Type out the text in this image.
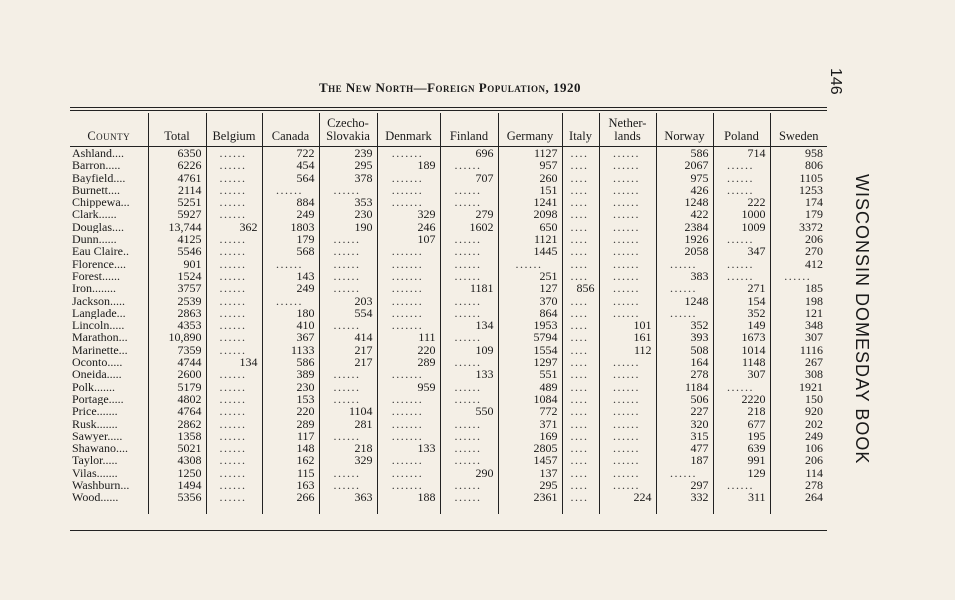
The New North—Foreign Population, 1920
County	Total	Belgium	Canada	Czecho-Slovakia	Denmark	Finland	Germany	Italy	Nether-lands	Norway	Poland	Sweden
Ashland....	6350	......	722	239	.......	696	1127	....	......	586	714	958
Barron.....	6226	......	454	295	189	......	957	....	......	2067	......	806
Bayfield....	4761	......	564	378	.......	707	260	....	......	975	......	1105
Burnett....	2114	......	......	......	.......	......	151	....	......	426	......	1253
Chippewa...	5251	......	884	353	.......	......	1241	....	......	1248	222	174
Clark......	5927	......	249	230	329	279	2098	....	......	422	1000	179
Douglas....	13,744	362	1803	190	246	1602	650	....	......	2384	1009	3372
Dunn......	4125	......	179	......	107	......	1121	....	......	1926	......	206
Eau Claire..	5546	......	568	......	.......	......	1445	....	......	2058	347	270
Florence....	901	......	......	......	.......	......	......	....	......	......	......	412
Forest......	1524	......	143	......	.......	......	251	....	......	383	......	......
Iron........	3757	......	249	......	.......	1181	127	856	......	......	271	185
Jackson.....	2539	......	......	203	.......	......	370	....	......	1248	154	198
Langlade...	2863	......	180	554	.......	......	864	....	......	......	352	121
Lincoln.....	4353	......	410	......	.......	134	1953	....	101	352	149	348
Marathon...	10,890	......	367	414	111	......	5794	....	161	393	1673	307
Marinette...	7359	......	1133	217	220	109	1554	....	112	508	1014	1116
Oconto.....	4744	134	586	217	289	......	1297	....	......	164	1148	267
Oneida.....	2600	......	389	......	.......	133	551	....	......	278	307	308
Polk.......	5179	......	230	......	959	......	489	....	......	1184	......	1921
Portage.....	4802	......	153	......	.......	......	1084	....	......	506	2220	150
Price.......	4764	......	220	1104	.......	550	772	....	......	227	218	920
Rusk.......	2862	......	289	281	.......	......	371	....	......	320	677	202
Sawyer.....	1358	......	117	......	.......	......	169	....	......	315	195	249
Shawano....	5021	......	148	218	133	......	2805	....	......	477	639	106
Taylor.....	4308	......	162	329	.......	......	1457	....	......	187	991	206
Vilas.......	1250	......	115	......	.......	290	137	....	......	......	129	114
Washburn...	1494	......	163	......	.......	......	295	....	......	297	......	278
Wood......	5356	......	266	363	188	......	2361	....	224	332	311	264
146
WISCONSIN DOMESDAY BOOK
